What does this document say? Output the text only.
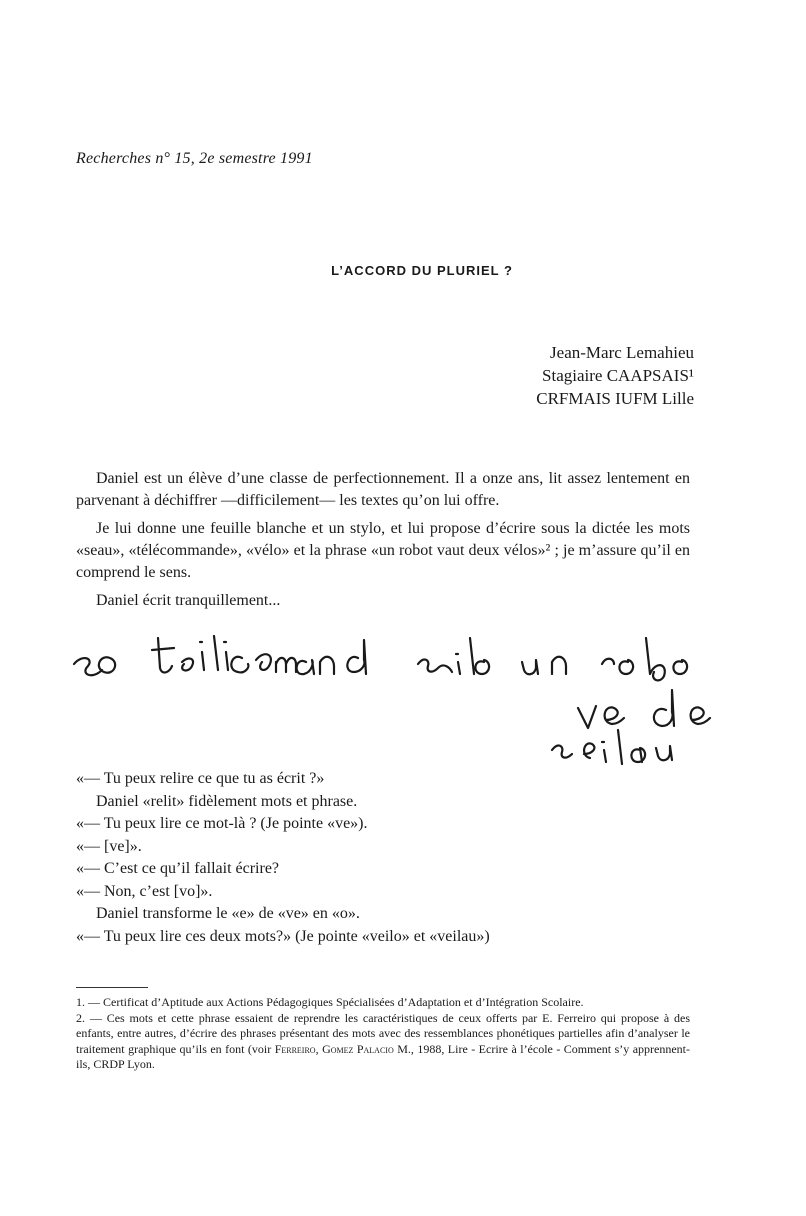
Recherches n° 15, 2e semestre 1991
L’ACCORD DU PLURIEL ?
Jean-Marc Lemahieu
Stagiaire CAAPSAIS¹
CRFMAIS IUFM Lille

Daniel est un élève d’une classe de perfectionnement. Il a onze ans, lit assez lentement en parvenant à déchiffrer —difficilement— les textes qu’on lui offre.

Je lui donne une feuille blanche et un stylo, et lui propose d’écrire sous la dictée les mots «seau», «télécommande», «vélo» et la phrase «un robot vaut deux vélos»² ; je m’assure qu’il en comprend le sens.

Daniel écrit tranquillement...

«— Tu peux relire ce que tu as écrit ?»
Daniel «relit» fidèlement mots et phrase.
«— Tu peux lire ce mot-là ? (Je pointe «ve»).
«— [ve]».
«— C’est ce qu’il fallait écrire?
«— Non, c’est [vo]».
Daniel transforme le «e» de «ve» en «o».
«— Tu peux lire ces deux mots?» (Je pointe «veilo» et «veilau»)

1. — Certificat d’Aptitude aux Actions Pédagogiques Spécialisées d’Adaptation et d’Intégration Scolaire.

2. — Ces mots et cette phrase essaient de reprendre les caractéristiques de ceux offerts par E. Ferreiro qui propose à des enfants, entre autres, d’écrire des phrases présentant des mots avec des ressemblances phonétiques partielles afin d’analyser le traitement graphique qu’ils en font (voir Ferreiro, Gomez Palacio M., 1988, Lire - Ecrire à l’école - Comment s’y apprennent-ils, CRDP Lyon.
